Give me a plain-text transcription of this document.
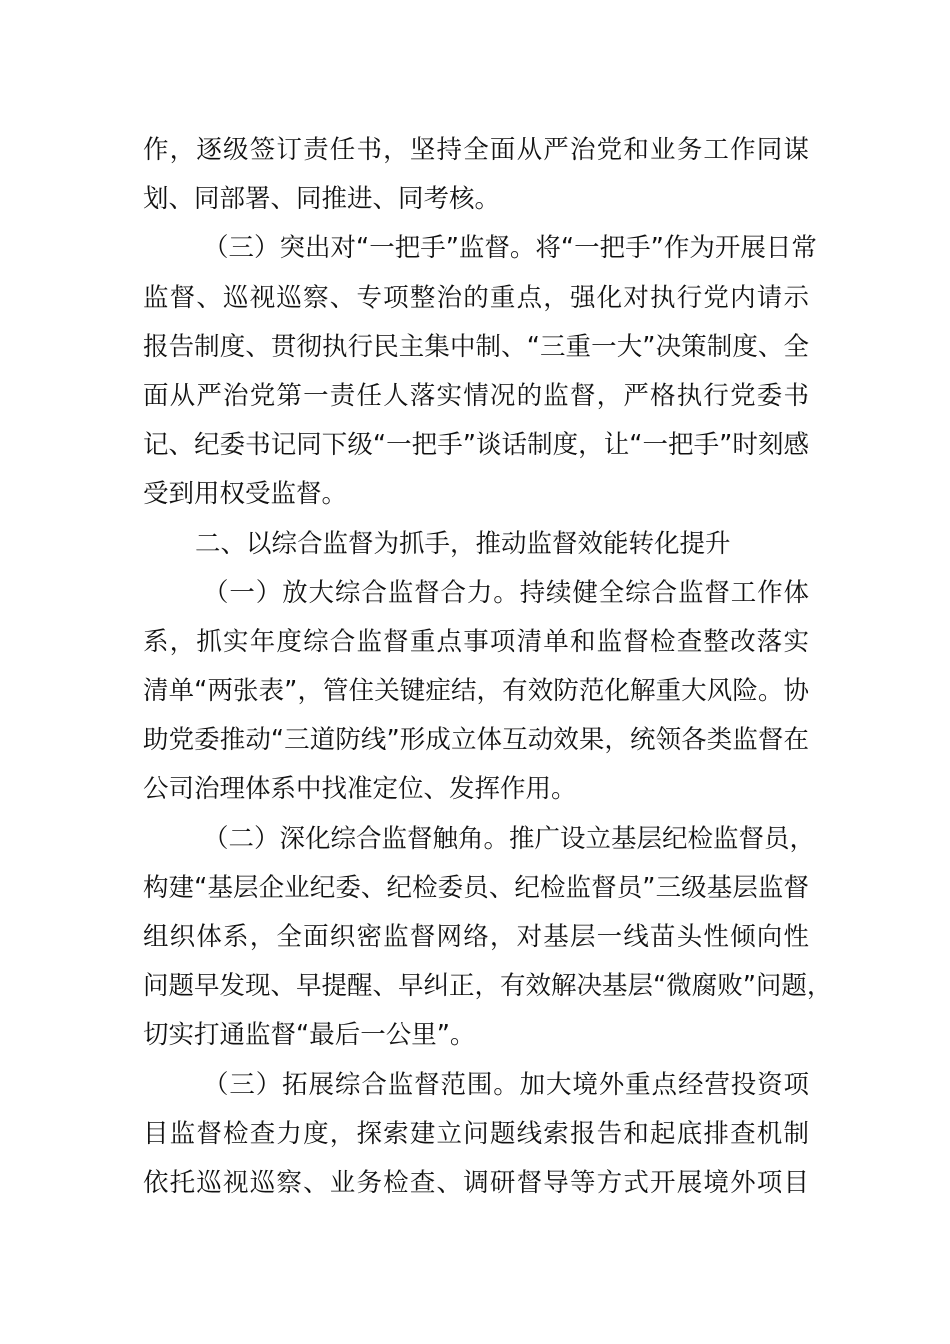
作，逐级签订责任书，坚持全面从严治党和业务工作同谋
划、同部署、同推进、同考核。
（三）突出对“一把手”监督。将“一把手”作为开展日常
监督、巡视巡察、专项整治的重点，强化对执行党内请示
报告制度、贯彻执行民主集中制、“三重一大”决策制度、全
面从严治党第一责任人落实情况的监督，严格执行党委书
记、纪委书记同下级“一把手”谈话制度，让“一把手”时刻感
受到用权受监督。
二、以综合监督为抓手，推动监督效能转化提升
（一）放大综合监督合力。持续健全综合监督工作体
系，抓实年度综合监督重点事项清单和监督检查整改落实
清单“两张表”，管住关键症结，有效防范化解重大风险。协
助党委推动“三道防线”形成立体互动效果，统领各类监督在
公司治理体系中找准定位、发挥作用。
（二）深化综合监督触角。推广设立基层纪检监督员，
构建“基层企业纪委、纪检委员、纪检监督员”三级基层监督
组织体系，全面织密监督网络，对基层一线苗头性倾向性
问题早发现、早提醒、早纠正，有效解决基层“微腐败”问题，
切实打通监督“最后一公里”。
（三）拓展综合监督范围。加大境外重点经营投资项
目监督检查力度，探索建立问题线索报告和起底排查机制
依托巡视巡察、业务检查、调研督导等方式开展境外项目
